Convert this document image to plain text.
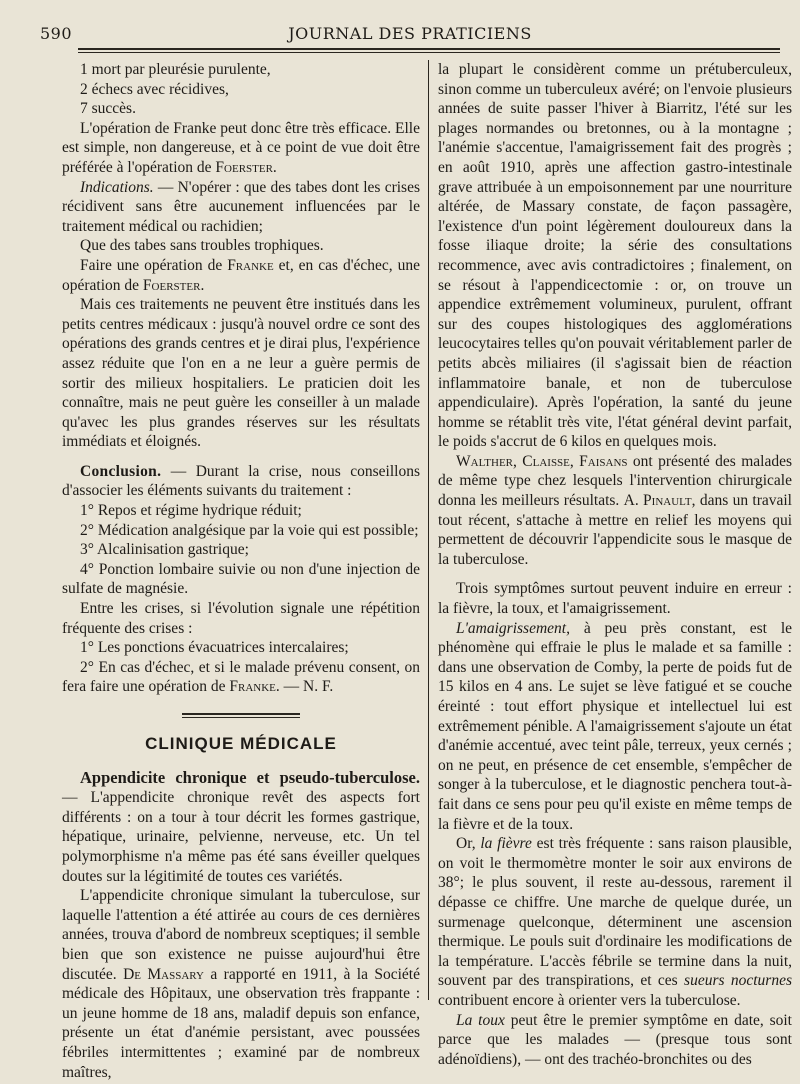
590	JOURNAL DES PRATICIENS

1 mort par pleurésie purulente,

2 échecs avec récidives,

7 succès.

L'opération de Franke peut donc être très efficace. Elle est simple, non dangereuse, et à ce point de vue doit être préférée à l'opération de Foerster.

Indications. — N'opérer : que des tabes dont les crises récidivent sans être aucunement influencées par le traitement médical ou rachidien;

Que des tabes sans troubles trophiques.

Faire une opération de Franke et, en cas d'échec, une opération de Foerster.

Mais ces traitements ne peuvent être institués dans les petits centres médicaux : jusqu'à nouvel ordre ce sont des opérations des grands centres et je dirai plus, l'expérience assez réduite que l'on en a ne leur a guère permis de sortir des milieux hospitaliers. Le praticien doit les connaître, mais ne peut guère les conseiller à un malade qu'avec les plus grandes réserves sur les résultats immédiats et éloignés.

Conclusion. — Durant la crise, nous conseillons d'associer les éléments suivants du traitement :

1° Repos et régime hydrique réduit;

2° Médication analgésique par la voie qui est possible;

3° Alcalinisation gastrique;

4° Ponction lombaire suivie ou non d'une injection de sulfate de magnésie.

Entre les crises, si l'évolution signale une répétition fréquente des crises :

1° Les ponctions évacuatrices intercalaires;

2° En cas d'échec, et si le malade prévenu consent, on fera faire une opération de Franke. — N. F.

CLINIQUE MÉDICALE

Appendicite chronique et pseudo-tuberculose. — L'appendicite chronique revêt des aspects fort différents : on a tour à tour décrit les formes gastrique, hépatique, urinaire, pelvienne, nerveuse, etc. Un tel polymorphisme n'a même pas été sans éveiller quelques doutes sur la légitimité de toutes ces variétés.

L'appendicite chronique simulant la tuberculose, sur laquelle l'attention a été attirée au cours de ces dernières années, trouva d'abord de nombreux sceptiques; il semble bien que son existence ne puisse aujourd'hui être discutée. De Massary a rapporté en 1911, à la Société médicale des Hôpitaux, une observation très frappante : un jeune homme de 18 ans, maladif depuis son enfance, présente un état d'anémie persistant, avec poussées fébriles intermittentes ; examiné par de nombreux maîtres,

la plupart le considèrent comme un prétuberculeux, sinon comme un tuberculeux avéré; on l'envoie plusieurs années de suite passer l'hiver à Biarritz, l'été sur les plages normandes ou bretonnes, ou à la montagne ; l'anémie s'accentue, l'amaigrissement fait des progrès ; en août 1910, après une affection gastro-intestinale grave attribuée à un empoisonnement par une nourriture altérée, de Massary constate, de façon passagère, l'existence d'un point légèrement douloureux dans la fosse iliaque droite; la série des consultations recommence, avec avis contradictoires ; finalement, on se résout à l'appendicectomie : or, on trouve un appendice extrêmement volumineux, purulent, offrant sur des coupes histologiques des agglomérations leucocytaires telles qu'on pouvait véritablement parler de petits abcès miliaires (il s'agissait bien de réaction inflammatoire banale, et non de tuberculose appendiculaire). Après l'opération, la santé du jeune homme se rétablit très vite, l'état général devint parfait, le poids s'accrut de 6 kilos en quelques mois.

Walther, Claisse, Faisans ont présenté des malades de même type chez lesquels l'intervention chirurgicale donna les meilleurs résultats. A. Pinault, dans un travail tout récent, s'attache à mettre en relief les moyens qui permettent de découvrir l'appendicite sous le masque de la tuberculose.

Trois symptômes surtout peuvent induire en erreur : la fièvre, la toux, et l'amaigrissement.

L'amaigrissement, à peu près constant, est le phénomène qui effraie le plus le malade et sa famille : dans une observation de Comby, la perte de poids fut de 15 kilos en 4 ans. Le sujet se lève fatigué et se couche éreinté : tout effort physique et intellectuel lui est extrêmement pénible. A l'amaigrissement s'ajoute un état d'anémie accentué, avec teint pâle, terreux, yeux cernés ; on ne peut, en présence de cet ensemble, s'empêcher de songer à la tuberculose, et le diagnostic penchera tout-à-fait dans ce sens pour peu qu'il existe en même temps de la fièvre et de la toux.

Or, la fièvre est très fréquente : sans raison plausible, on voit le thermomètre monter le soir aux environs de 38°; le plus souvent, il reste au-dessous, rarement il dépasse ce chiffre. Une marche de quelque durée, un surmenage quelconque, déterminent une ascension thermique. Le pouls suit d'ordinaire les modifications de la température. L'accès fébrile se termine dans la nuit, souvent par des transpirations, et ces sueurs nocturnes contribuent encore à orienter vers la tuberculose.

La toux peut être le premier symptôme en date, soit parce que les malades — (presque tous sont adénoïdiens), — ont des trachéo-bronchites ou des
